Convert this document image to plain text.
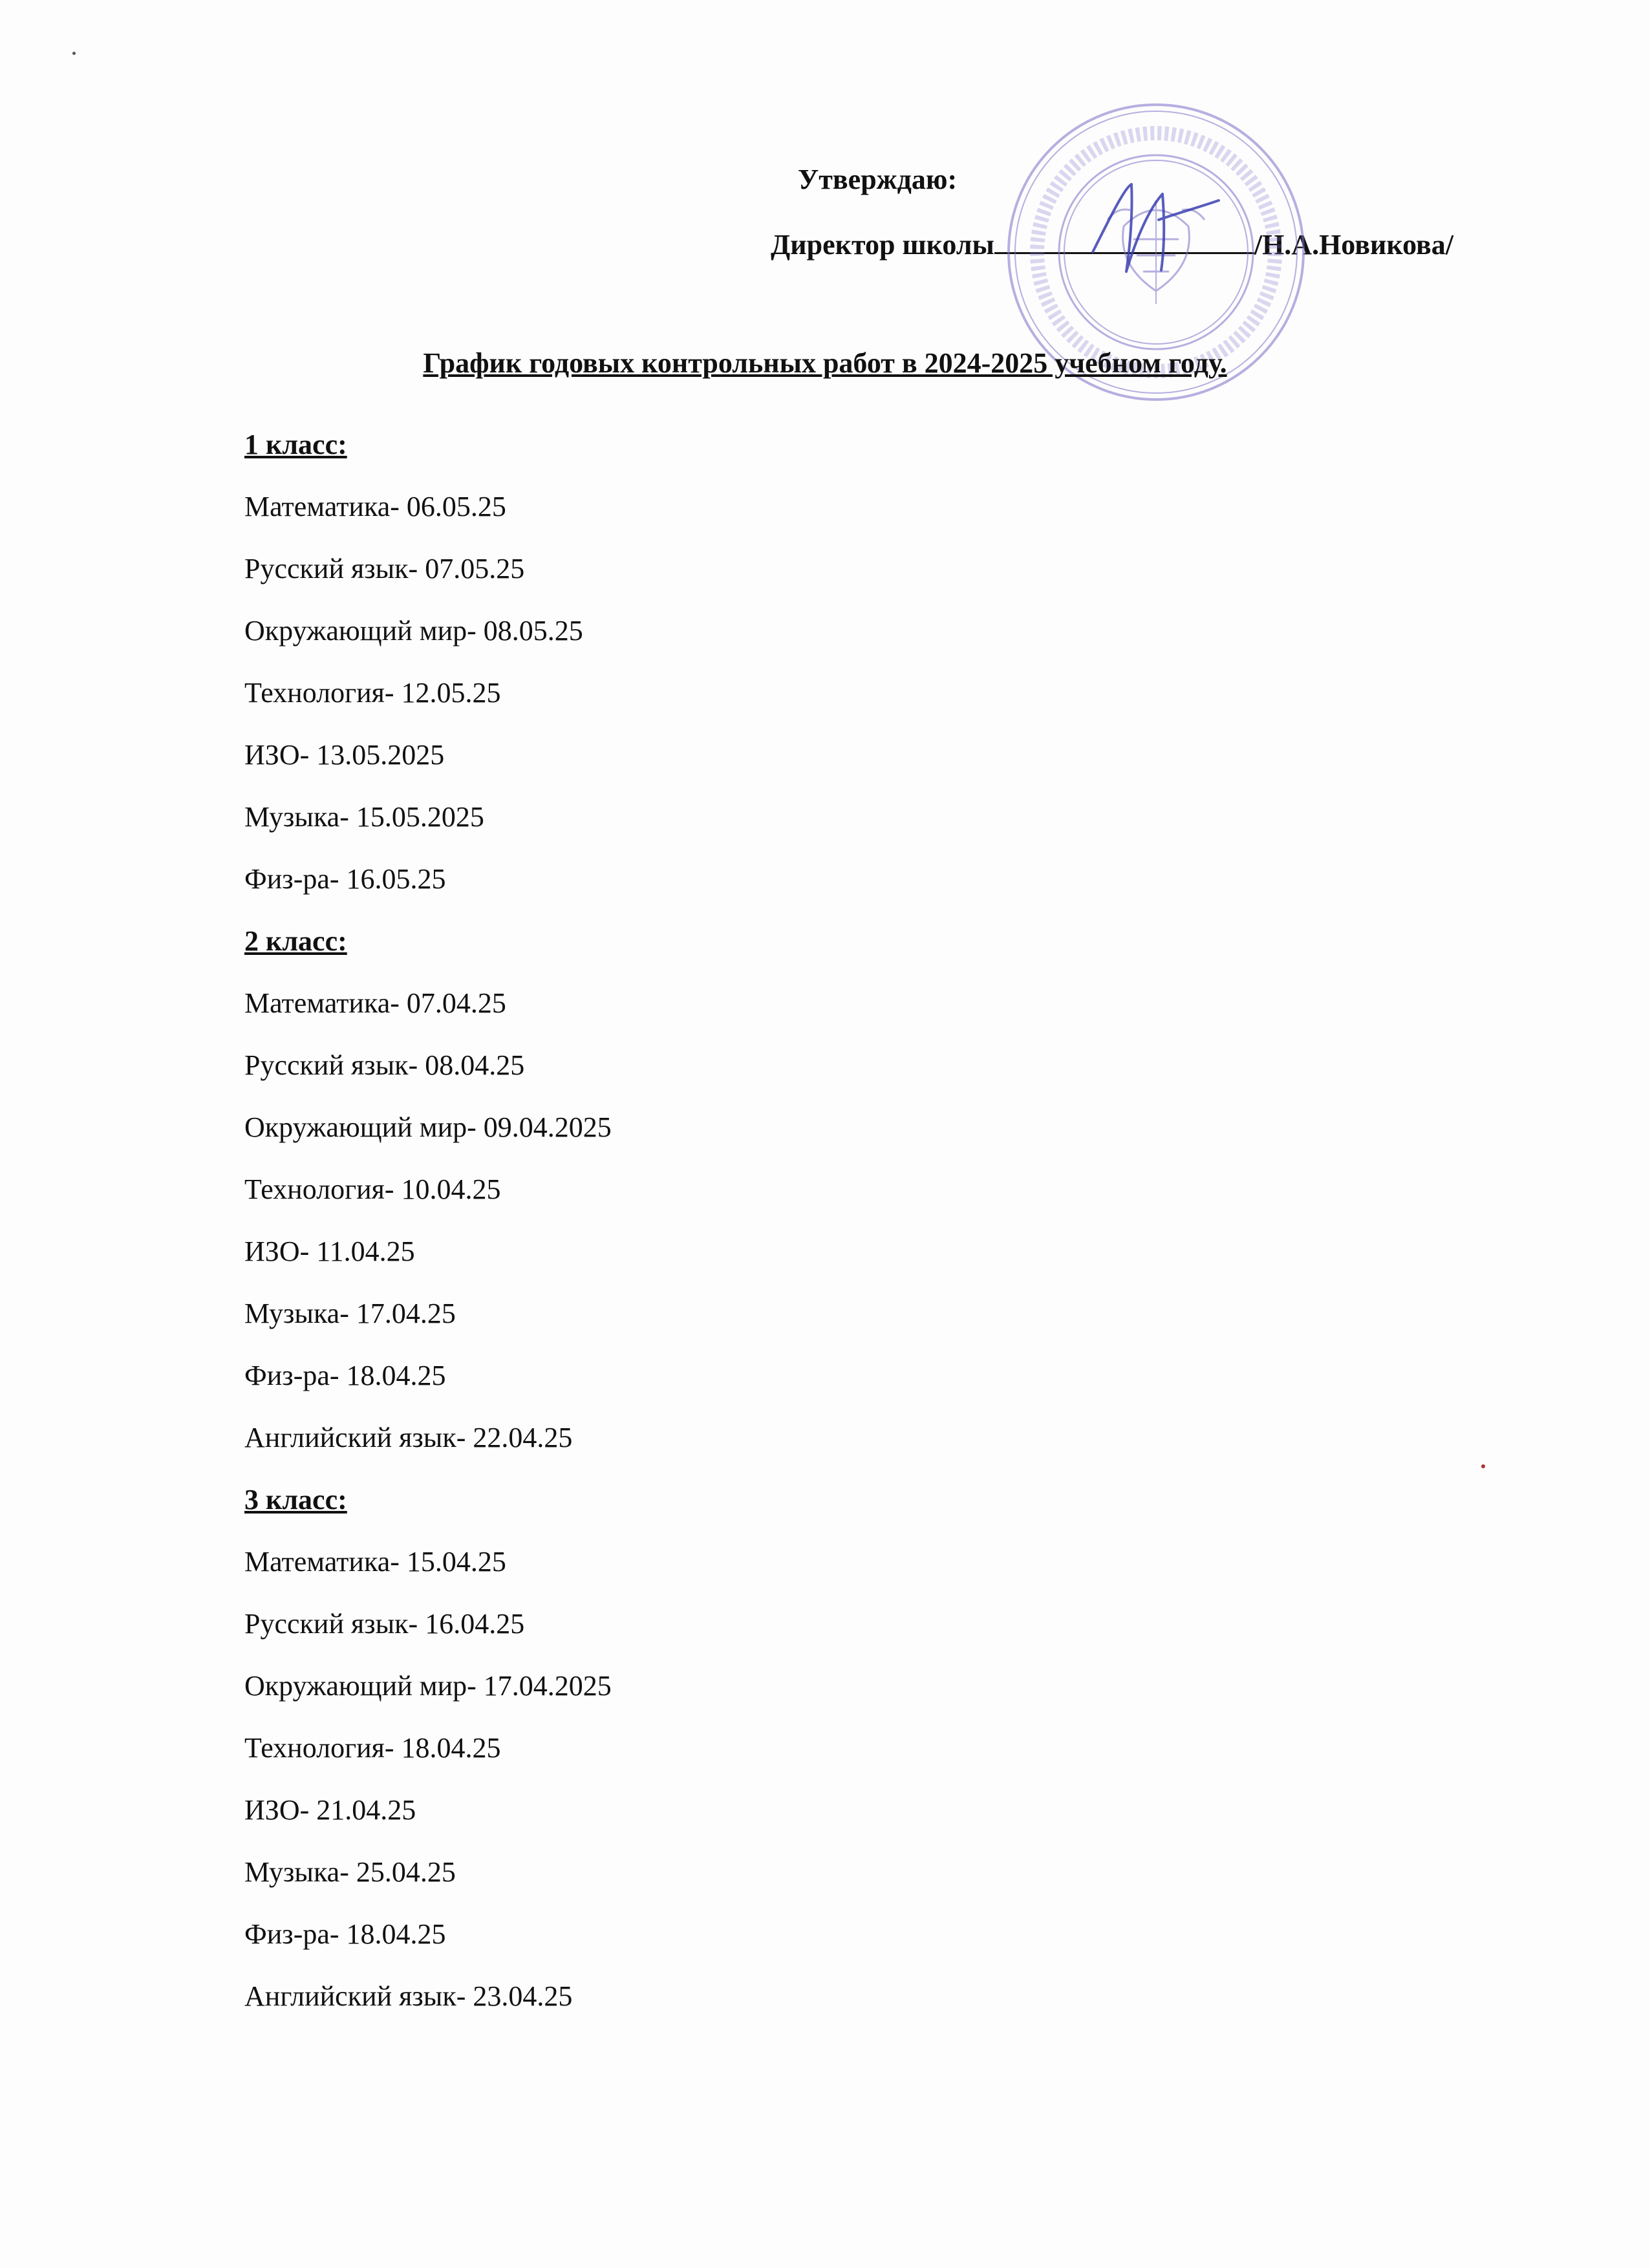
Утверждаю:
Директор школы	/Н.А.Новикова/
График годовых контрольных работ в 2024-2025 учебном году.
1 класс:
Математика- 06.05.25
Русский язык- 07.05.25
Окружающий мир- 08.05.25
Технология- 12.05.25
ИЗО- 13.05.2025
Музыка- 15.05.2025
Физ-ра- 16.05.25
2 класс:
Математика- 07.04.25
Русский язык- 08.04.25
Окружающий мир- 09.04.2025
Технология- 10.04.25
ИЗО- 11.04.25
Музыка- 17.04.25
Физ-ра- 18.04.25
Английский язык- 22.04.25
3 класс:
Математика- 15.04.25
Русский язык- 16.04.25
Окружающий мир- 17.04.2025
Технология- 18.04.25
ИЗО- 21.04.25
Музыка- 25.04.25
Физ-ра- 18.04.25
Английский язык- 23.04.25
